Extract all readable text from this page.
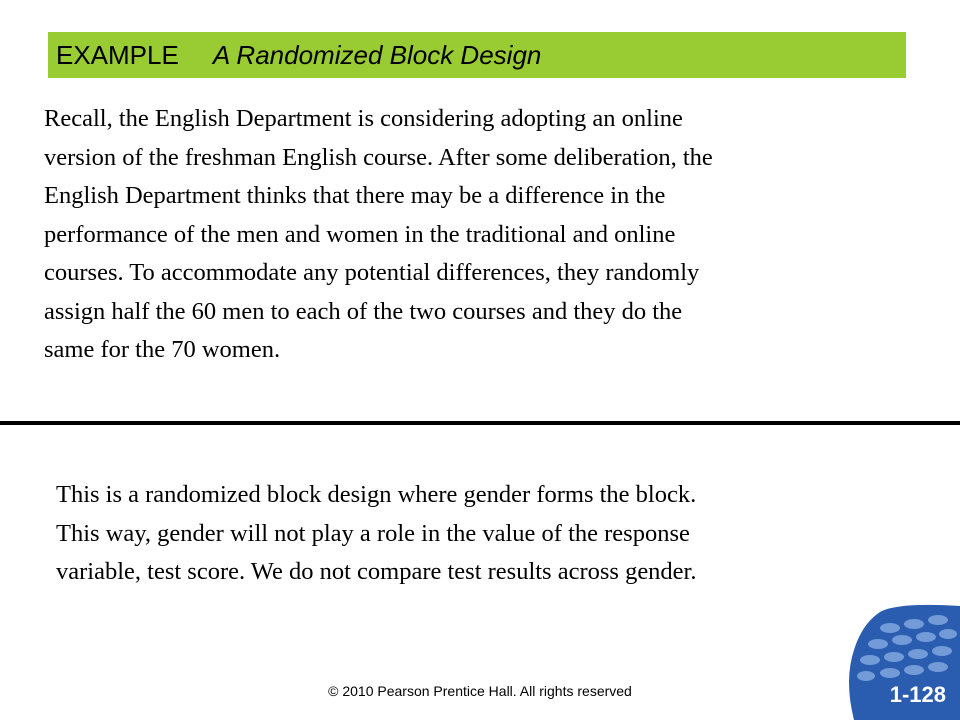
EXAMPLE A Randomized Block Design

Recall, the English Department is considering adopting an online
version of the freshman English course. After some deliberation, the
English Department thinks that there may be a difference in the
performance of the men and women in the traditional and online
courses. To accommodate any potential differences, they randomly
assign half the 60 men to each of the two courses and they do the
same for the 70 women.

This is a randomized block design where gender forms the block.
This way, gender will not play a role in the value of the response
variable, test score. We do not compare test results across gender.

© 2010 Pearson Prentice Hall. All rights reserved	1-128
